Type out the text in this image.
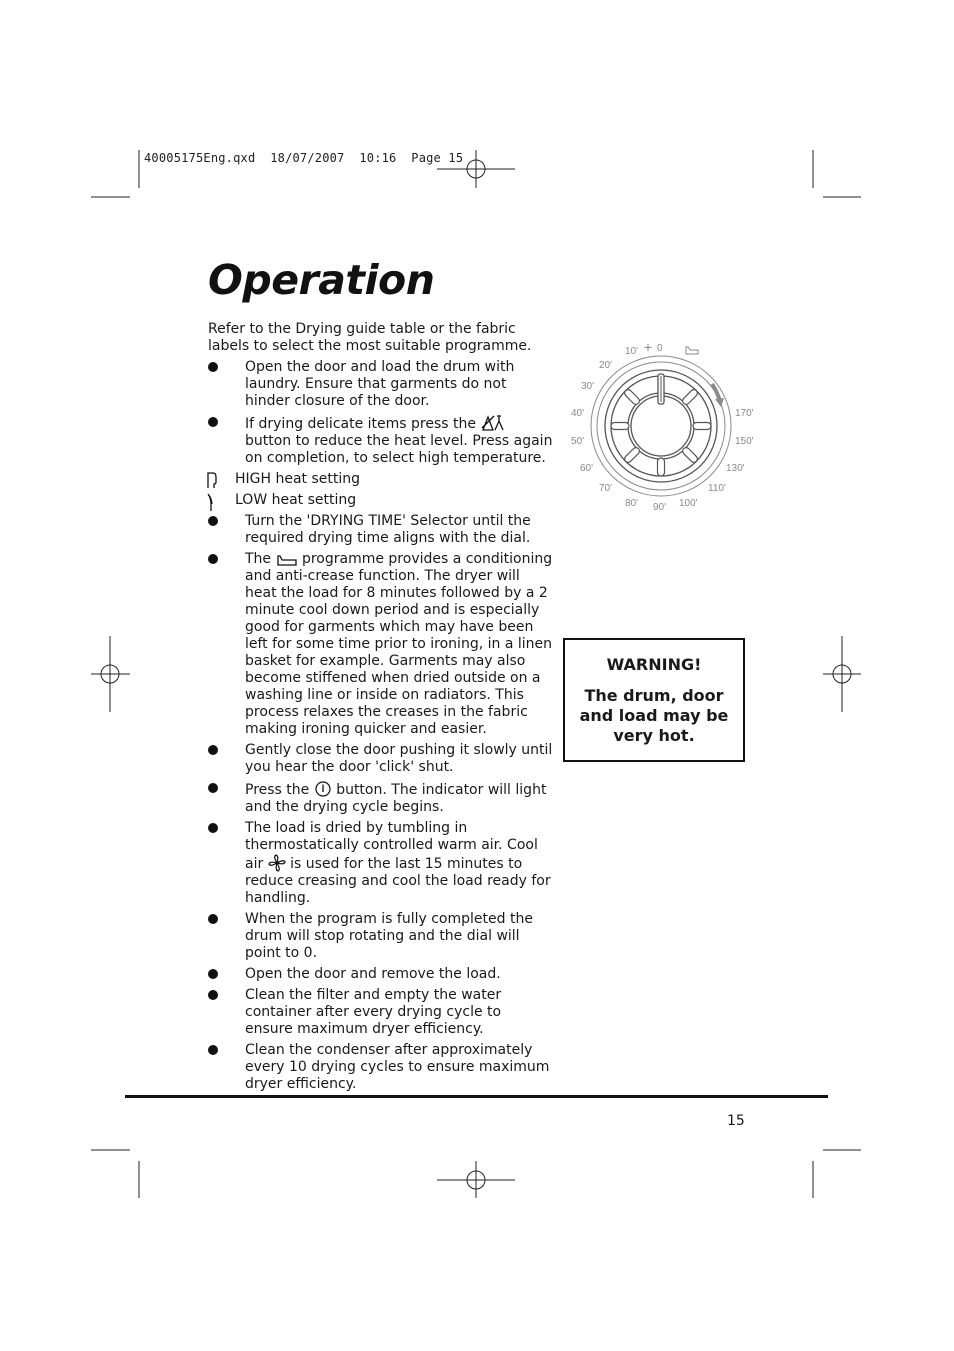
40005175Eng.qxd  18/07/2007  10:16  Page 15
Operation

Refer to the Drying guide table or the fabric labels to select the most suitable programme.

Open the door and load the drum with laundry. Ensure that garments do not hinder closure of the door.
If drying delicate items press the  button to reduce the heat level. Press again on completion, to select high temperature.
HIGH heat setting
LOW heat setting
Turn the 'DRYING TIME' Selector until the required drying time aligns with the dial.
The programme provides a conditioning and anti-crease function. The dryer will heat the load for 8 minutes followed by a 2 minute cool down period and is especially good for garments which may have been left for some time prior to ironing, in a linen basket for example. Garments may also become stiffened when dried outside on a washing line or inside on radiators. This process relaxes the creases in the fabric making ironing quicker and easier.
Gently close the door pushing it slowly until you hear the door 'click' shut.
Press the button. The indicator will light and the drying cycle begins.
The load is dried by tumbling in thermostatically controlled warm air. Cool air is used for the last 15 minutes to reduce creasing and cool the load ready for handling.
When the program is fully completed the drum will stop rotating and the dial will point to 0.
Open the door and remove the load.
Clean the filter and empty the water container after every drying cycle to ensure maximum dryer efficiency.
Clean the condenser after approximately every 10 drying cycles to ensure maximum dryer efficiency.
10' 0
20'
30'
40'
50'
60'
70'
80' 90' 100'
110'
130'
150'
170'
WARNING!
The drum, door and load may be very hot.
15
